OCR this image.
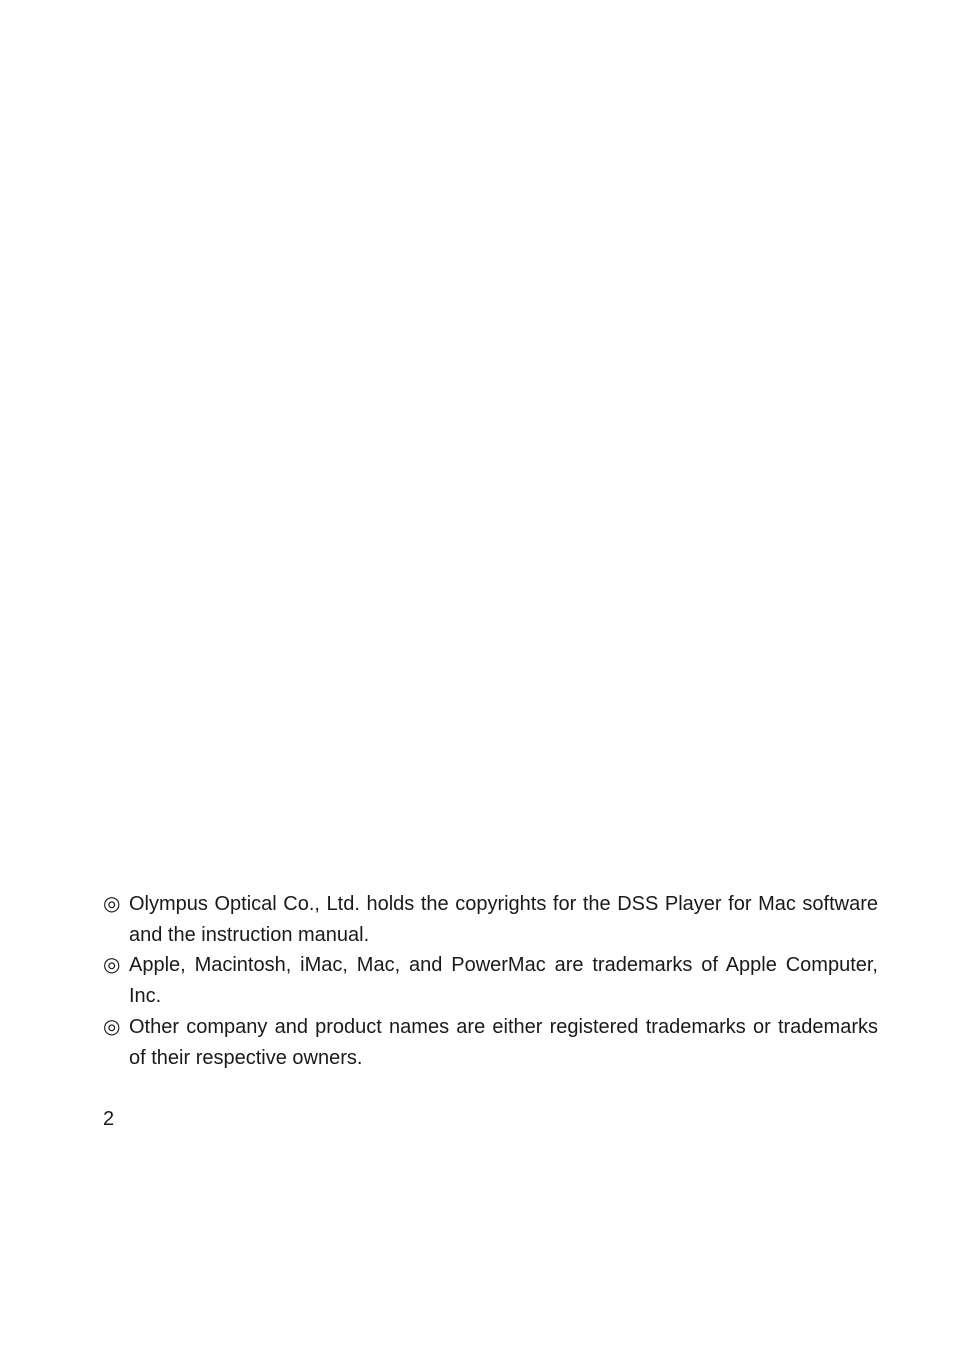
◎ Olympus Optical Co., Ltd. holds the copyrights for the DSS Player for Mac software and the instruction manual.
◎ Apple, Macintosh, iMac, Mac, and PowerMac are trademarks of Apple Computer, Inc.
◎ Other company and product names are either registered trademarks or trademarks of their respective owners.
2
